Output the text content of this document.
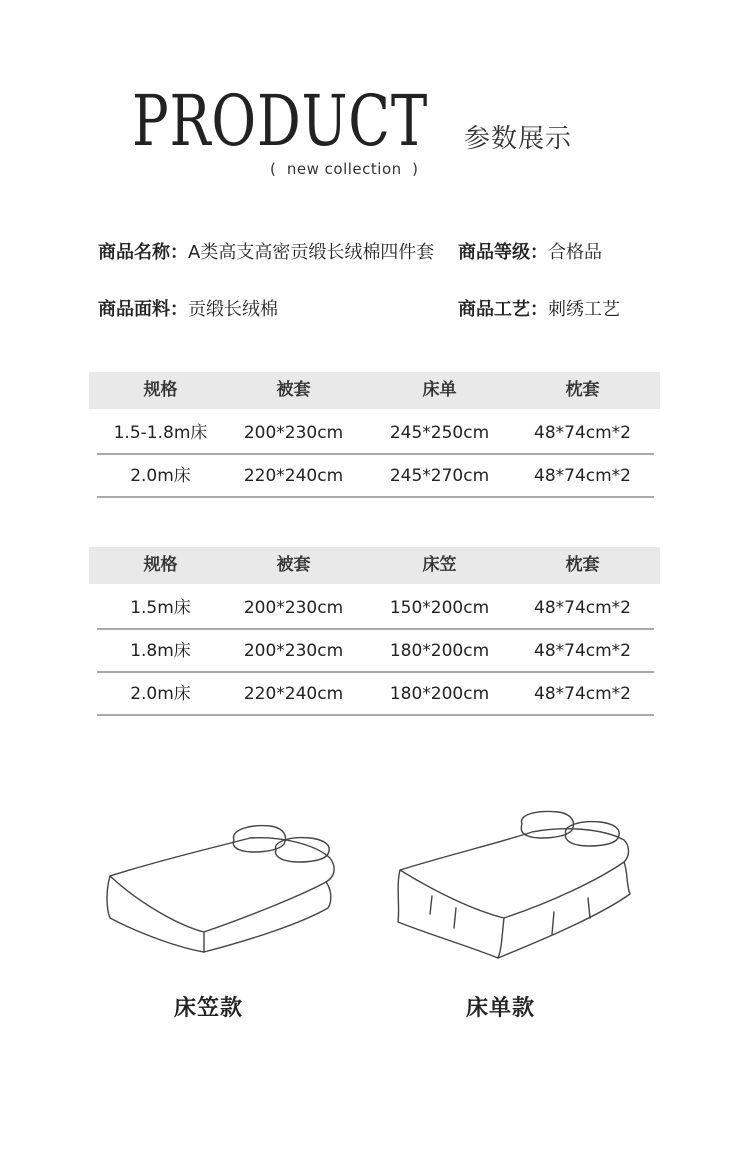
PRODUCT
(  new collection  )
参数展示
商品名称：A类高支高密贡缎长绒棉四件套 商品等级：合格品
商品面料：贡缎长绒棉	商品工艺：刺绣工艺
规格	被套	床单	枕套
1.5-1.8m床	200*230cm	245*250cm	48*74cm*2
2.0m床	220*240cm	245*270cm	48*74cm*2
规格	被套	床笠	枕套
1.5m床	200*230cm	150*200cm	48*74cm*2
1.8m床	200*230cm	180*200cm	48*74cm*2
2.0m床	220*240cm	180*200cm	48*74cm*2
床笠款	床单款
